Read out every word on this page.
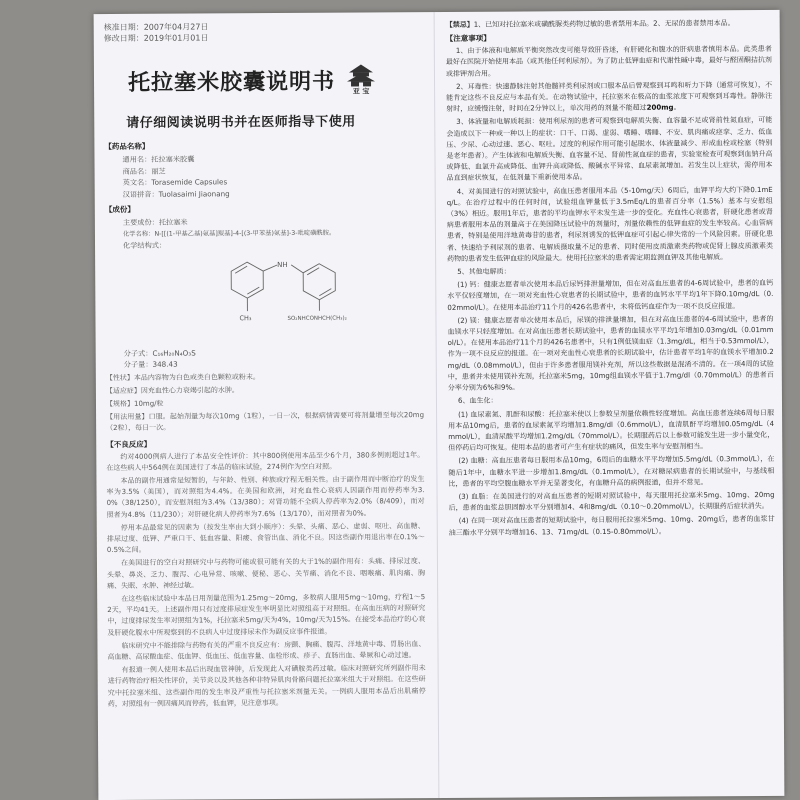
核准日期：2007年04月27日
修改日期：2019年01月01日
托拉塞米胶囊说明书	亚 宝
请仔细阅读说明书并在医师指导下使用
【药品名称】
通用名：托拉塞米胶囊
商品名：丽芝
英文名：Torasemide Capsules
汉语拼音：Tuolasaimi Jiaonang
【成份】
主要成份：托拉塞米
化学名称：N-[[(1-甲基乙基)氨基]羰基]-4-[(3-甲苯基)氨基]-3-吡啶磺酰胺。
化学结构式：
NH
CH₃	SO₂NHCONHCH(CH₃)₂
分子式：C₁₆H₂₀N₄O₃S
分子量：348.43
【性状】本品内容物为白色或类白色颗粒或粉末。
【适应症】因充血性心力衰竭引起的水肿。
【规格】10mg/粒
【用法用量】口服。起始剂量为每次10mg（1粒），一日一次，根据病情需要可将剂量增至每次20mg（2粒），每日一次。
【不良反应】
约对4000例病人进行了本品安全性评价：其中800例使用本品至少6个月，380多例则超过1年。在这些病人中564例在美国进行了本品的临床试验，274例作为空白对照。
本品的副作用通常是短暂的，与年龄、性别、种族或疗程无相关性。由于副作用而中断治疗的发生率为3.5%（美国），而对照组为4.4%。在美国和欧洲，对充血性心衰病人因副作用而停药率为3.0%（38/1250），而安慰剂组为3.4%（13/380）；对肾功能不全病人停药率为2.0%（8/409），而对照者为4.8%（11/230）；对肝硬化病人停药率为7.6%（13/170），而对照者为0%。
停用本品最常见的因素为（按发生率由大到小顺序）：头晕、头痛、恶心、虚弱、呕吐、高血糖、排尿过度、低钾、严重口干、低血容量、阳痿、食管出血、消化不良。因这些副作用退出率在0.1%～0.5%之间。
在美国进行的空白对照研究中与药物可能或很可能有关的大于1%的副作用有：头痛、排尿过度、头晕、鼻炎、乏力、腹泻、心电异常、咳嗽、便秘、恶心、关节痛、消化不良、咽喉痛、肌肉痛、胸痛、失眠、水肿、神经过敏。
在这些临床试验中本品日用剂量范围为1.25mg～20mg，多数病人服用5mg～10mg，疗程1～52天，平均41天。上述副作用只有过度排尿症发生率明显比对照组高于对照组。在高血压病的对照研究中，过度排尿发生率对照组为1%，托拉塞米5mg/天为4%，10mg/天为15%。在接受本品治疗的心衰及肝硬化腹水中所观察到的不良病人中过度排尿未作为副反应事件报道。
临床研究中不能排除与药物有关的严重不良反应有：房颤、胸痛、腹泻、洋地黄中毒、胃肠出血、高血糖、高尿酸血症、低血钾、低血压、低血容量、血栓形成、疹子、直肠出血、晕厥和心动过速。
有报道一例人使用本品后出现血管神肿，后发现此人对磺胺类药过敏。临床对照研究所列副作用未进行药物治疗相关性评价，关节炎以及其他各种非特异肌肉骨骼问题托拉塞米组大于对照组。在这些研究中托拉塞米组、这些副作用的发生率及严重性与托拉塞米剂量无关。一例病人服用本品后出肌痛停药，对照组有一例因痛风而停药，低血钾，见注意事项。
【禁忌】1、已知对托拉塞米或磺酰脲类药物过敏的患者禁用本品。2、无尿的患者禁用本品。
【注意事项】
1、由于体液和电解质平衡突然改变可能导致肝昏迷，有肝硬化和腹水的肝病患者慎用本品。此类患者最好在医院开始使用本品（或其他任何利尿剂）。为了防止低钾血症和代谢性碱中毒，最好与醛固酮拮抗剂或排钾剂合用。
2、耳毒性：快速静脉注射其他髓袢类利尿剂或口服本品后曾观察到耳鸣和听力下降（通常可恢复），不能肯定这些不良反应与本品有关。在动物试验中，托拉塞米在极高的血浆浓度下可观察到耳毒性。静脉注射时，应缓慢注射，时间在2分钟以上，单次用药的剂量不能超过200mg。
3、体液量和电解质耗损：使用利尿剂的患者可观察到电解质失衡、血容量不足或肾前性氮血症，可能会造成以下一种或一种以上的症状：口干、口渴、虚弱、嗜睡、嗜睡、不安、肌肉痛或痉挛、乏力、低血压、少尿、心动过速、恶心、呕吐。过度的利尿作用可能引起脱水、体液量减少、形成血栓或栓塞（特别是老年患者）。产生体液和电解质失衡、血容量不足、肾前性氮血症的患者，实验室检查可观察到血钠升高或降低、血氯升高或降低、血钾升高或降低、酸碱水平异常、血尿素氮增加。若发生以上症状，需停用本品直到症状恢复，在低剂量下重新使用本品。
4、对美国进行的对照试验中，高血压患者服用本品（5-10mg/天）6周后，血钾平均大约下降0.1mEq/L。在治疗过程中的任何时间，试验组血钾量低于3.5mEq/L的患者百分率（1.5%）基本与安慰组（3%）相近。服用1年后，患者的平均血钾水平未发生进一步的变化。充血性心衰患者，肝硬化患者或肾病患者服用本品的剂量高于在美国降压试验中的剂量时，剂量依赖性的低钾血症的发生率较高。心血管病患者，特别是使用洋地黄毒苷的患者，利尿剂诱发的低钾血症可引起心律失常的一个风险因素。肝硬化患者、快速给予利尿剂的患者、电解质摄取量不足的患者、同时使用皮质激素类药物或促肾上腺皮质激素类药物的患者发生低钾血症的风险最大。使用托拉塞米的患者需定期监测血钾及其他电解质。
5、其他电解质：
(1) 钙：健康志愿者单次使用本品后尿钙排泄量增加，但在对高血压患者的4-6周试验中，患者的血钙水平仅轻度增加，在一项对充血性心衰患者的长期试验中，患者的血钙水平平均1年下降0.10mg/dL（0.02mmol/L）。在使用本品治疗11个月的426名患者中，未将低钙血症作为一项不良反应报道。
(2) 镁：健康志愿者单次使用本品后，尿镁的排泄量增加，但在对高血压患者的4-6周试验中，患者的血镁水平只轻度增加。在对高血压患者长期试验中，患者的血镁水平平均1年增加0.03mg/dL（0.01mmol/L）。在使用本品治疗11个月的426名患者中，只有1例低镁血症（1.3mg/dL，相当于0.53mmol/L），作为一项不良反应的报道。在一项对充血性心衰患者的长期试验中，估计患者平均1年的血镁水平增加0.2mg/dL（0.08mmol/L），但由于许多患者服用镁补充剂，所以这些数据是混淆不清的。在一项4周的试验中，患者并未使用镁补充剂，托拉塞米5mg，10mg组血镁水平值于1.7mg/dl（0.70mmol/L）的患者百分率分别为6%和9%。
6、血生化：
(1) 血尿素氮、肌酐和尿酸：托拉塞米使以上参数呈剂量依赖性轻度增加。高血压患者连续6周每日服用本品10mg后，患者的血尿素氮平均增加1.8mg/dl（0.6mmol/L），血清肌酐平均增加0.05mg/dL（4mmol/L），血清尿酸平均增加1.2mg/dL（70mmol/L）。长期服药后以上参数可能发生进一步小量变化，但停药后均可恢复。使用本品的患者可产生有症状的痛风，但发生率与安慰剂相当。
(2) 血糖：高血压患者每日服用本品10mg，6周后的血糖水平平均增加5.5mg/dL（0.3mmol/L），在随后1年中，血糖水平进一步增加1.8mg/dL（0.1mmol/L），在对糖尿病患者的长期试验中，与基线相比，患者的平均空腹血糖水平并无显著变化，有血糖升高的病例报道，但并不常见。
(3) 血脂：在美国进行的对高血压患者的短期对照试验中，每天服用托拉塞米5mg、10mg、20mg后，患者的血浆总胆固醇水平分别增加4、4和8mg/dL（0.10～0.20mmol/L），长期服药后症状消失。
(4) 在同一项对高血压患者的短期试验中，每日服用托拉塞米5mg、10mg、20mg后，患者的血浆甘油三酯水平分别平均增加16、13、71mg/dL（0.15-0.80mmol/L）。
